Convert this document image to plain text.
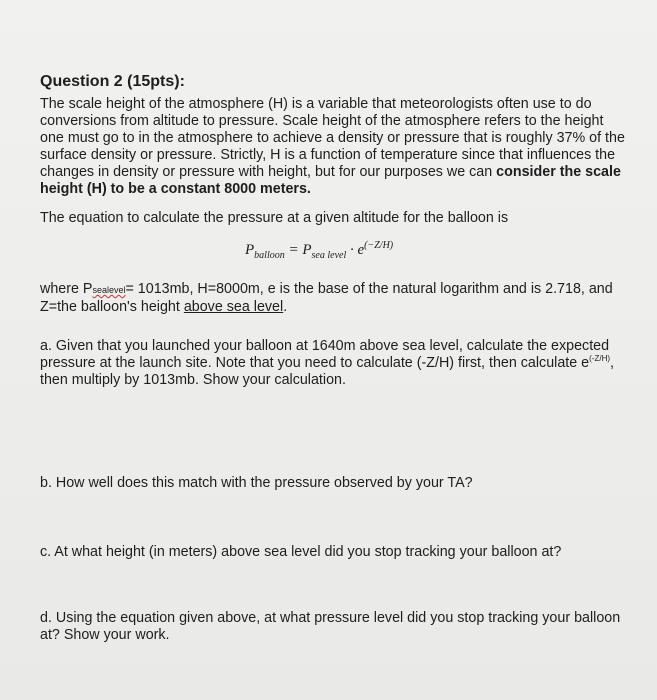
Question 2 (15pts):

The scale height of the atmosphere (H) is a variable that meteorologists often use to do conversions from altitude to pressure. Scale height of the atmosphere refers to the height one must go to in the atmosphere to achieve a density or pressure that is roughly 37% of the surface density or pressure. Strictly, H is a function of temperature since that influences the changes in density or pressure with height, but for our purposes we can consider the scale height (H) to be a constant 8000 meters.

The equation to calculate the pressure at a given altitude for the balloon is

$P_{balloon} = P_{sea level} \cdot e^{(-Z/H)}$

where Psealevel= 1013mb, H=8000m, e is the base of the natural logarithm and is 2.718, and Z=the balloon's height above sea level.

a. Given that you launched your balloon at 1640m above sea level, calculate the expected pressure at the launch site. Note that you need to calculate (-Z/H) first, then calculate $e^{(-Z/H)}$, then multiply by 1013mb. Show your calculation.

b. How well does this match with the pressure observed by your TA?

c. At what height (in meters) above sea level did you stop tracking your balloon at?

d. Using the equation given above, at what pressure level did you stop tracking your balloon at? Show your work.
